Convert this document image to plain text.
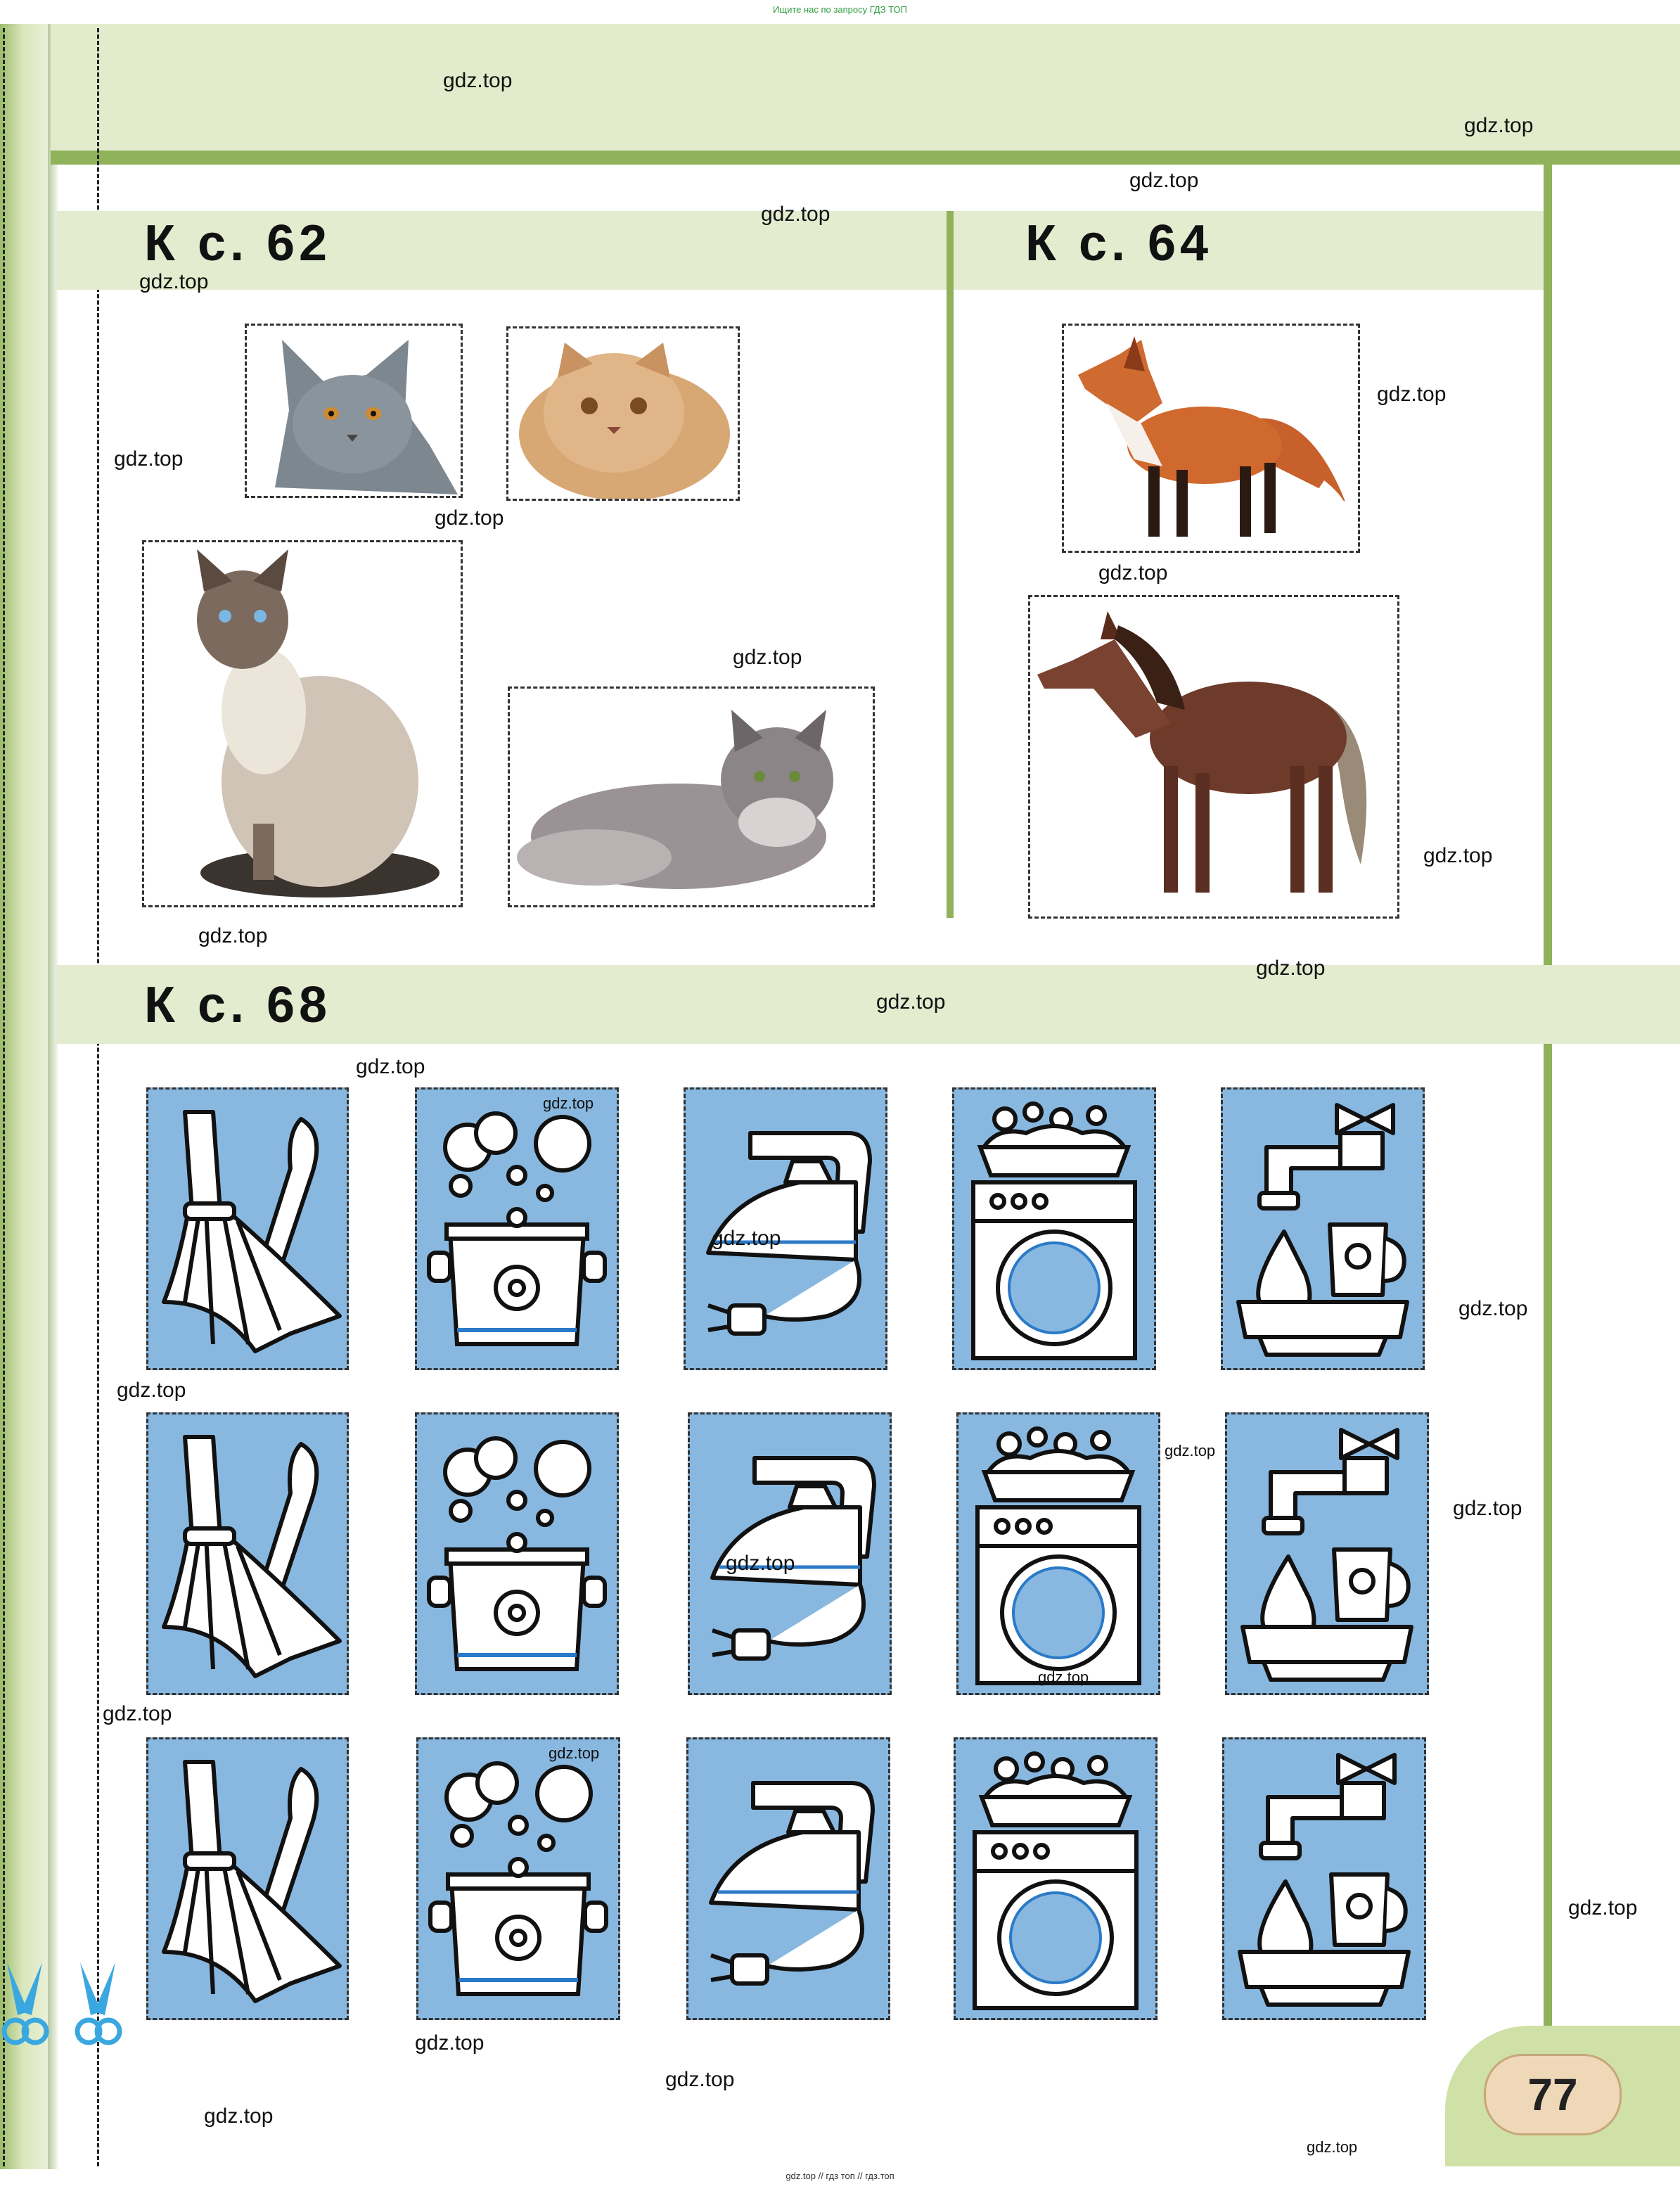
Ищите нас по запросу ГДЗ ТОП
К с. 62	К с. 64
К с. 68
77
gdz.top
gdz.top
gdz.top
gdz.top
gdz.top
gdz.top
gdz.top
gdz.top
gdz.top
gdz.top
gdz.top
gdz.top
gdz.top
gdz.top
gdz.top
gdz.top
gdz.top
gdz.top
gdz.top
gdz.top
gdz.top
gdz.top
gdz.top
gdz.top
gdz.top
gdz.top
gdz.top
gdz.top
gdz.top
gdz.top
gdz.top // гдз топ // гдз.топ
